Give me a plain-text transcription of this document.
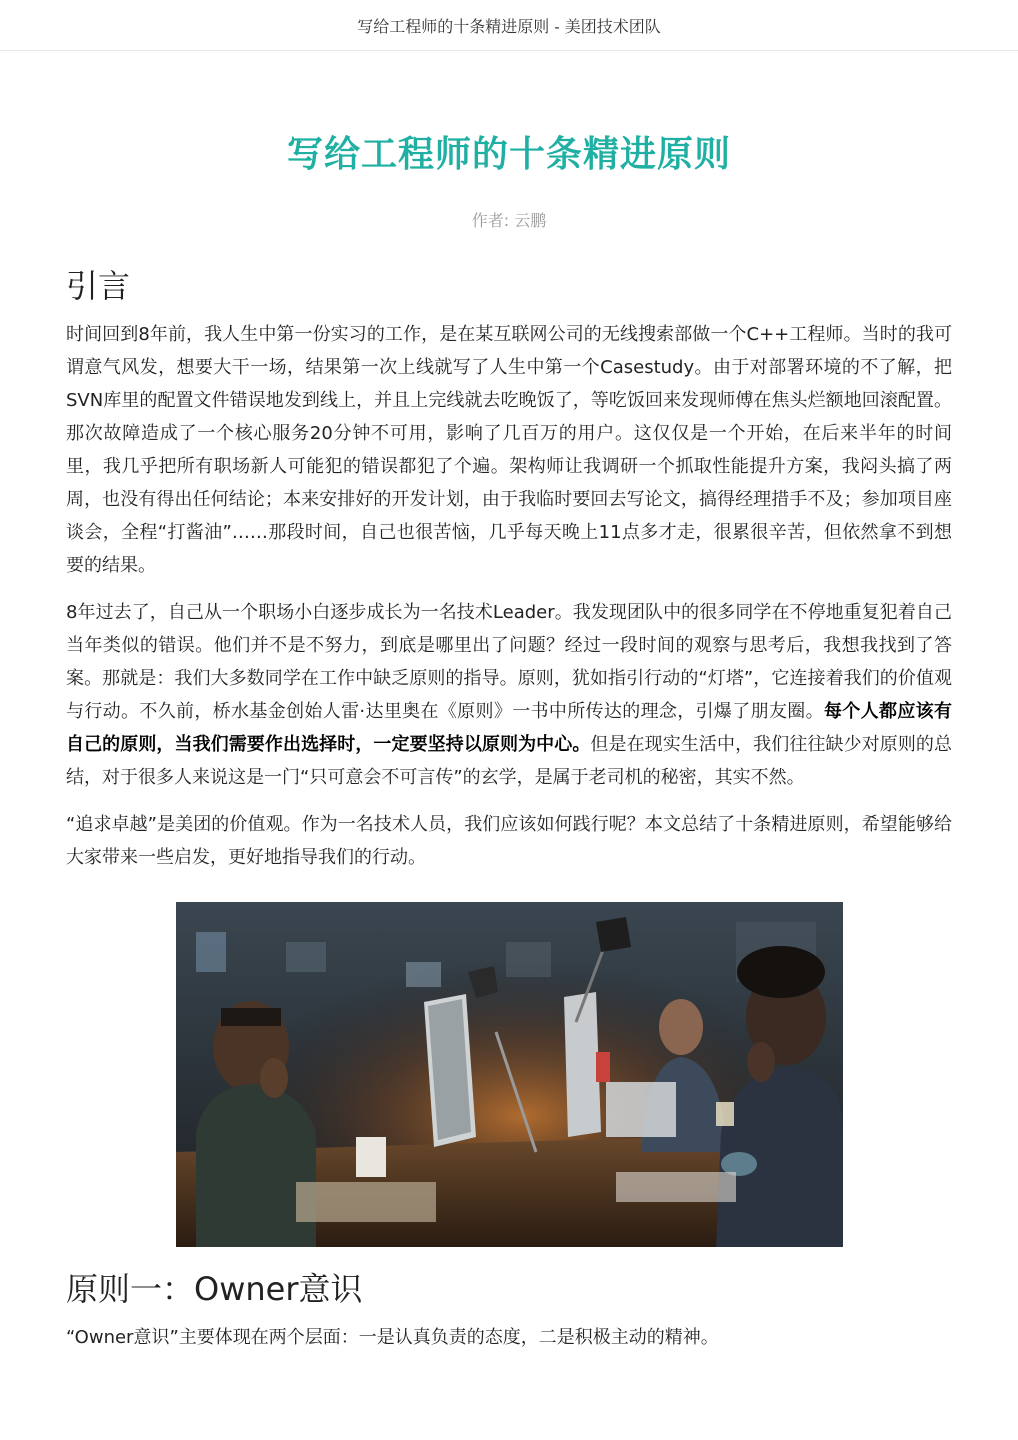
写给工程师的十条精进原则 - 美团技术团队
写给工程师的十条精进原则
作者: 云鹏
引言

时间回到8年前，我人生中第一份实习的工作，是在某互联网公司的无线搜索部做一个C++工程师。当时的我可谓意气风发，想要大干一场，结果第一次上线就写了人生中第一个Casestudy。由于对部署环境的不了解，把SVN库里的配置文件错误地发到线上，并且上完线就去吃晚饭了，等吃饭回来发现师傅在焦头烂额地回滚配置。那次故障造成了一个核心服务20分钟不可用，影响了几百万的用户。这仅仅是一个开始，在后来半年的时间里，我几乎把所有职场新人可能犯的错误都犯了个遍。架构师让我调研一个抓取性能提升方案，我闷头搞了两周，也没有得出任何结论；本来安排好的开发计划，由于我临时要回去写论文，搞得经理措手不及；参加项目座谈会，全程“打酱油”……那段时间，自己也很苦恼，几乎每天晚上11点多才走，很累很辛苦，但依然拿不到想要的结果。

8年过去了，自己从一个职场小白逐步成长为一名技术Leader。我发现团队中的很多同学在不停地重复犯着自己当年类似的错误。他们并不是不努力，到底是哪里出了问题？经过一段时间的观察与思考后，我想我找到了答案。那就是：我们大多数同学在工作中缺乏原则的指导。原则，犹如指引行动的“灯塔”，它连接着我们的价值观与行动。不久前，桥水基金创始人雷·达里奥在《原则》一书中所传达的理念，引爆了朋友圈。每个人都应该有自己的原则，当我们需要作出选择时，一定要坚持以原则为中心。但是在现实生活中，我们往往缺少对原则的总结，对于很多人来说这是一门“只可意会不可言传”的玄学，是属于老司机的秘密，其实不然。

“追求卓越”是美团的价值观。作为一名技术人员，我们应该如何践行呢？本文总结了十条精进原则，希望能够给大家带来一些启发，更好地指导我们的行动。

原则一：Owner意识

“Owner意识”主要体现在两个层面：一是认真负责的态度，二是积极主动的精神。
